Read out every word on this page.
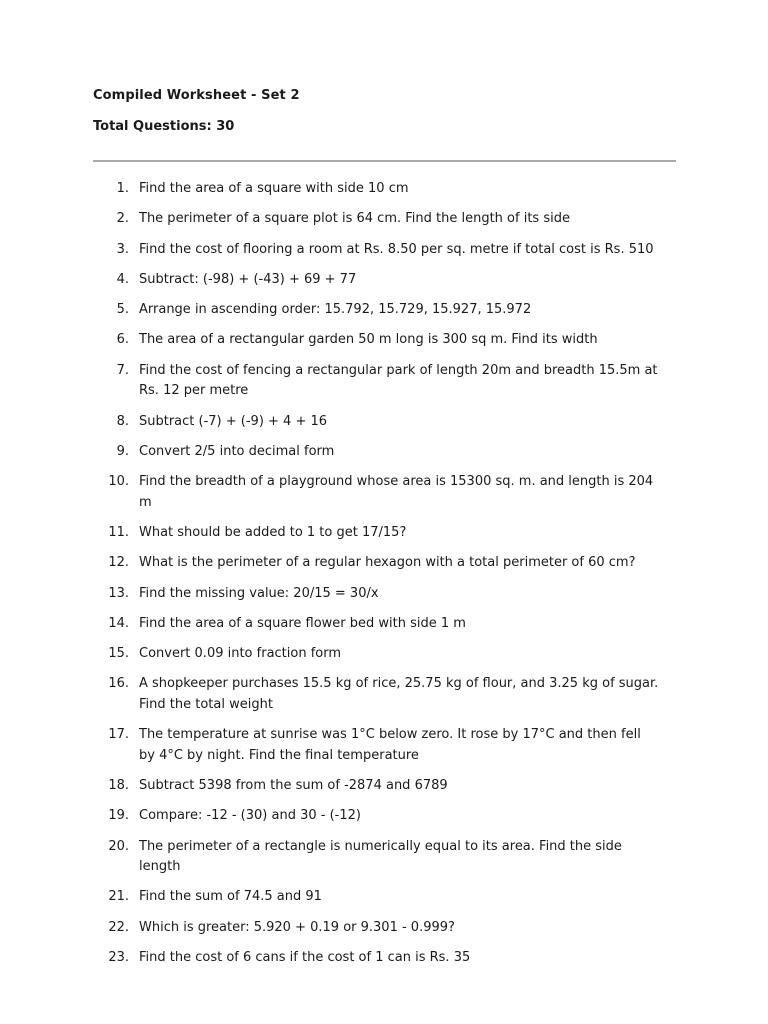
Compiled Worksheet - Set 2
Total Questions: 30
1. Find the area of a square with side 10 cm
2. The perimeter of a square plot is 64 cm. Find the length of its side
3. Find the cost of flooring a room at Rs. 8.50 per sq. metre if total cost is Rs. 510
4. Subtract: (-98) + (-43) + 69 + 77
5. Arrange in ascending order: 15.792, 15.729, 15.927, 15.972
6. The area of a rectangular garden 50 m long is 300 sq m. Find its width
7. Find the cost of fencing a rectangular park of length 20m and breadth 15.5m at Rs. 12 per metre
8. Subtract (-7) + (-9) + 4 + 16
9. Convert 2/5 into decimal form
10. Find the breadth of a playground whose area is 15300 sq. m. and length is 204 m
11. What should be added to 1 to get 17/15?
12. What is the perimeter of a regular hexagon with a total perimeter of 60 cm?
13. Find the missing value: 20/15 = 30/x
14. Find the area of a square flower bed with side 1 m
15. Convert 0.09 into fraction form
16. A shopkeeper purchases 15.5 kg of rice, 25.75 kg of flour, and 3.25 kg of sugar. Find the total weight
17. The temperature at sunrise was 1°C below zero. It rose by 17°C and then fell by 4°C by night. Find the final temperature
18. Subtract 5398 from the sum of -2874 and 6789
19. Compare: -12 - (30) and 30 - (-12)
20. The perimeter of a rectangle is numerically equal to its area. Find the side length
21. Find the sum of 74.5 and 91
22. Which is greater: 5.920 + 0.19 or 9.301 - 0.999?
23. Find the cost of 6 cans if the cost of 1 can is Rs. 35
